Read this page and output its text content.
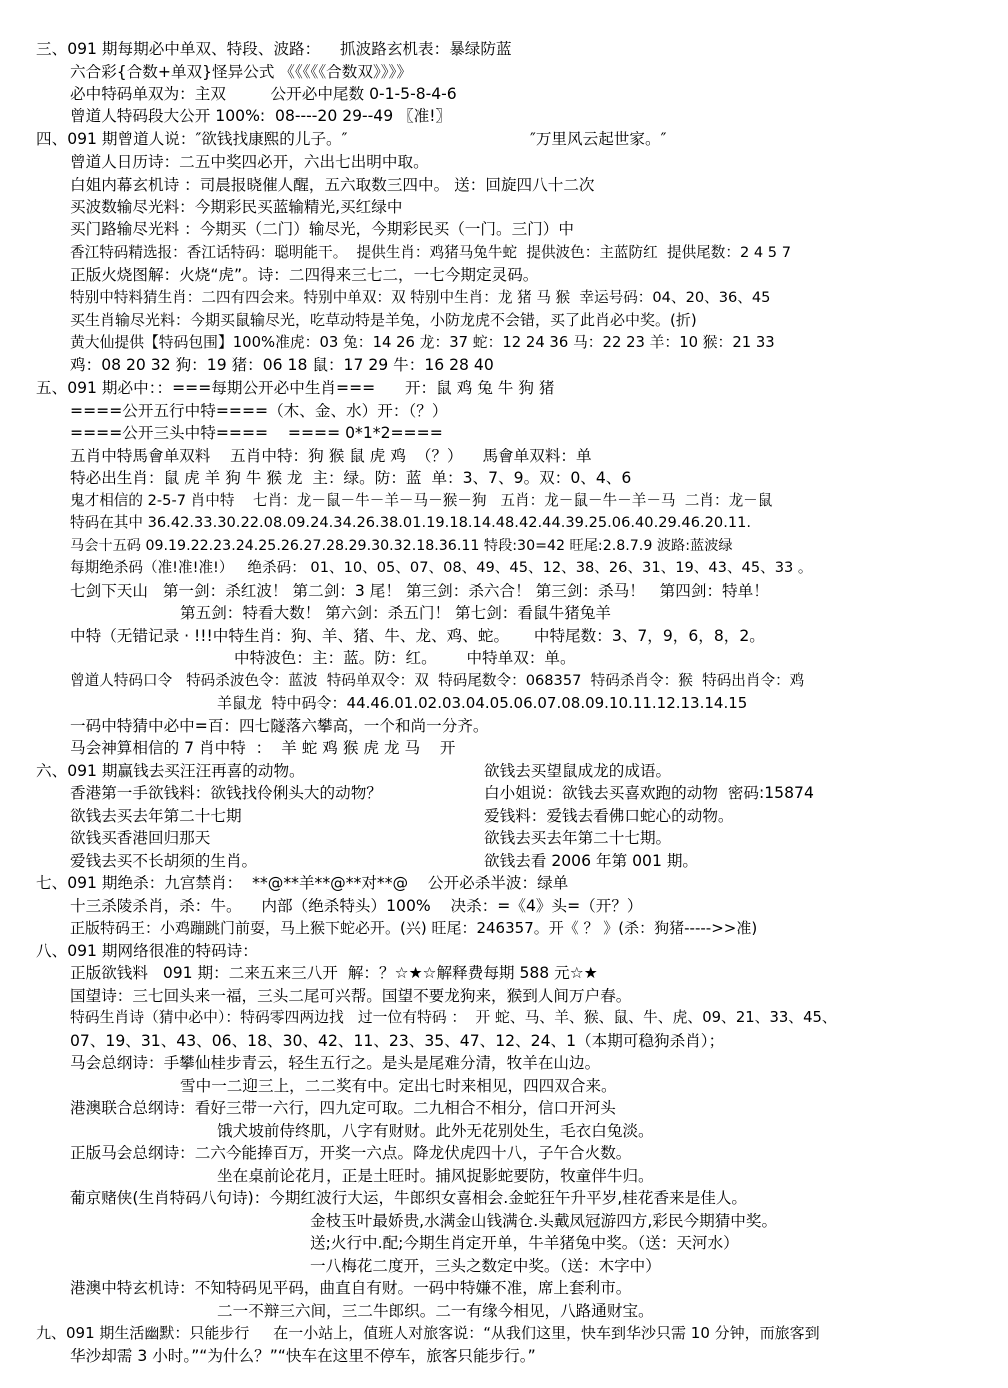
三、091 期每期必中单双、特段、波路：    抓波路玄机表：暴绿防蓝
六合彩{合数+单双}怪异公式 《《《《《合数双》》》》
必中特码单双为：主双         公开必中尾数 0-1-5-8-4-6
曾道人特码段大公开 100%:  08----20 29--49 〖准!〗
四、091 期曾道人说：″欲钱找康熙的儿子。″	″万里风云起世家。″
曾道人日历诗：二五中奖四必开，六出七出明中取。
白姐内幕玄机诗 ：司晨报晓催人醒，五六取数三四中。 送：回旋四八十二次
买波数输尽光料：今期彩民买蓝输精光,买红绿中
买门路输尽光料 ：今期买（二门）输尽光，今期彩民买（一门。三门）中
香江特码精选报：香江话特码：聪明能干。  提供生肖：鸡猪马兔牛蛇  提供波色：主蓝防红  提供尾数：2 4 5 7
正版火烧图解：火烧“虎”。诗：二四得来三七二，一七今期定灵码。
特别中特料猜生肖：二四有四会来。特别中单双：双 特别中生肖：龙 猪 马 猴  幸运号码：04、20、36、45
买生肖输尽光料：今期买鼠输尽光，吃草动特是羊兔，小防龙虎不会错，买了此肖必中奖。(折)
黄大仙提供【特码包围】100%准虎：03 兔：14 26 龙：37 蛇：12 24 36 马：22 23 羊：10 猴：21 33
鸡：08 20 32 狗：19 猪：06 18 鼠：17 29 牛：16 28 40
五、091 期必中：：===每期公开必中生肖===      开：鼠 鸡 兔 牛 狗 猪
====公开五行中特====（木、金、水）开：（？）
====公开三头中特====    ==== 0*1*2====
五肖中特馬會单双料    五肖中特：狗 猴 鼠 虎 鸡  （？）    馬會单双料：单
特必出生肖：鼠 虎 羊 狗 牛 猴 龙  主：绿。防：蓝  单：3、7、9。双：0、4、6
鬼才相信的 2-5-7 肖中特    七肖：龙－鼠－牛－羊－马－猴－狗   五肖：龙－鼠－牛－羊－马  二肖：龙－鼠
特码在其中 36.42.33.30.22.08.09.24.34.26.38.01.19.18.14.48.42.44.39.25.06.40.29.46.20.11.
马会十五码 09.19.22.23.24.25.26.27.28.29.30.32.18.36.11 特段:30=42 旺尾:2.8.7.9 波路:蓝波绿
每期绝杀码（准!准!准!）   绝杀码： 01、10、05、07、08、49、45、12、38、26、31、19、43、45、33 。
七剑下天山   第一剑：杀红波！ 第二剑：3 尾！ 第三剑：杀六合！ 第三剑：杀马！   第四剑：特单！
第五剑：特看大数！ 第六剑：杀五门！ 第七剑：看鼠牛猪兔羊
中特（无错记录 · !!!中特生肖：狗、羊、猪、牛、龙、鸡、蛇。     中特尾数：3、7，9，6，8，2。
中特波色：主：蓝。防：红。      中特单双：单。
曾道人特码口令   特码杀波色令：蓝波  特码单双令：双  特码尾数令：068357  特码杀肖令：猴  特码出肖令：鸡
羊鼠龙  特中码令：44.46.01.02.03.04.05.06.07.08.09.10.11.12.13.14.15
一码中特猜中必中=百：四七隧落六攀高，一个和尚一分齐。
马会神算相信的 7 肖中特  ：  羊 蛇 鸡 猴 虎 龙 马    开
六、091 期赢钱去买汪汪再喜的动物。	欲钱去买望鼠成龙的成语。
香港第一手欲钱料：欲钱找伶俐头大的动物？	白小姐说：欲钱去买喜欢跑的动物  密码:15874
欲钱去买去年第二十七期	爱钱料：爱钱去看佛口蛇心的动物。
欲钱买香港回归那天	欲钱去买去年第二十七期。
爱钱去买不长胡须的生肖。	欲钱去看 2006 年第 001 期。
七、091 期绝杀：九宫禁肖：  **@**羊**@**对**@    公开必杀半波：绿单
十三杀陵杀肖，杀：牛。    内部（绝杀特头）100%    决杀：=《4》头=（开？）
正版特码王：小鸡蹦跳门前耍，马上猴下蛇必开。(兴) 旺尾：246357。开《 ？ 》(杀：狗猪----->>准)
八、091 期网络很准的特码诗：
正版欲钱料   091 期：二来五来三八开  解：？☆★☆解释费每期 588 元☆★
国望诗：三七回头来一福，三头二尾可兴帮。国望不要龙狗来，猴到人间万户春。
特码生肖诗（猜中必中）：特码零四两边找   过一位有特码 ：  开 蛇、马、羊、猴、鼠、牛、虎、09、21、33、45、
07、19、31、43、06、18、30、42、11、23、35、47、12、24、1（本期可稳狗杀肖）；
马会总纲诗：手攀仙桂步青云，轻生五行之。是头是尾难分清，牧羊在山边。
雪中一二迎三上，二二奖有中。定出七时来相见，四四双合来。
港澳联合总纲诗：看好三带一六行，四九定可取。二九相合不相分，信口开河头
饿犬坡前侍终肌，八字有财财。此外无花别处生，毛衣白兔淡。
正版马会总纲诗：二六今能捧百万，开奖一六点。降龙伏虎四十八，子午合火数。
坐在桌前论花月，正是土旺时。捕风捉影蛇要防，牧童伴牛归。
葡京赌侠(生肖特码八句诗)：今期红波行大运，牛郎织女喜相会.金蛇狂午升平岁,桂花香来是佳人。
金枝玉叶最娇贵,水满金山钱满仓.头戴凤冠游四方,彩民今期猜中奖。
送;火行中.配;今期生肖定开单，牛羊猪兔中奖。（送：天河水）
一八梅花二度开，三头之数定中奖。（送：木字中）
港澳中特玄机诗：不知特码见平码，曲直自有财。一码中特嫌不准，席上套利市。
二一不辩三六间，三二牛郎织。二一有缘今相见，八路通财宝。
九、091 期生活幽默：只能步行     在一小站上，值班人对旅客说：“从我们这里，快车到华沙只需 10 分钟，而旅客到
华沙却需 3 小时。”“为什么？”“快车在这里不停车，旅客只能步行。”
